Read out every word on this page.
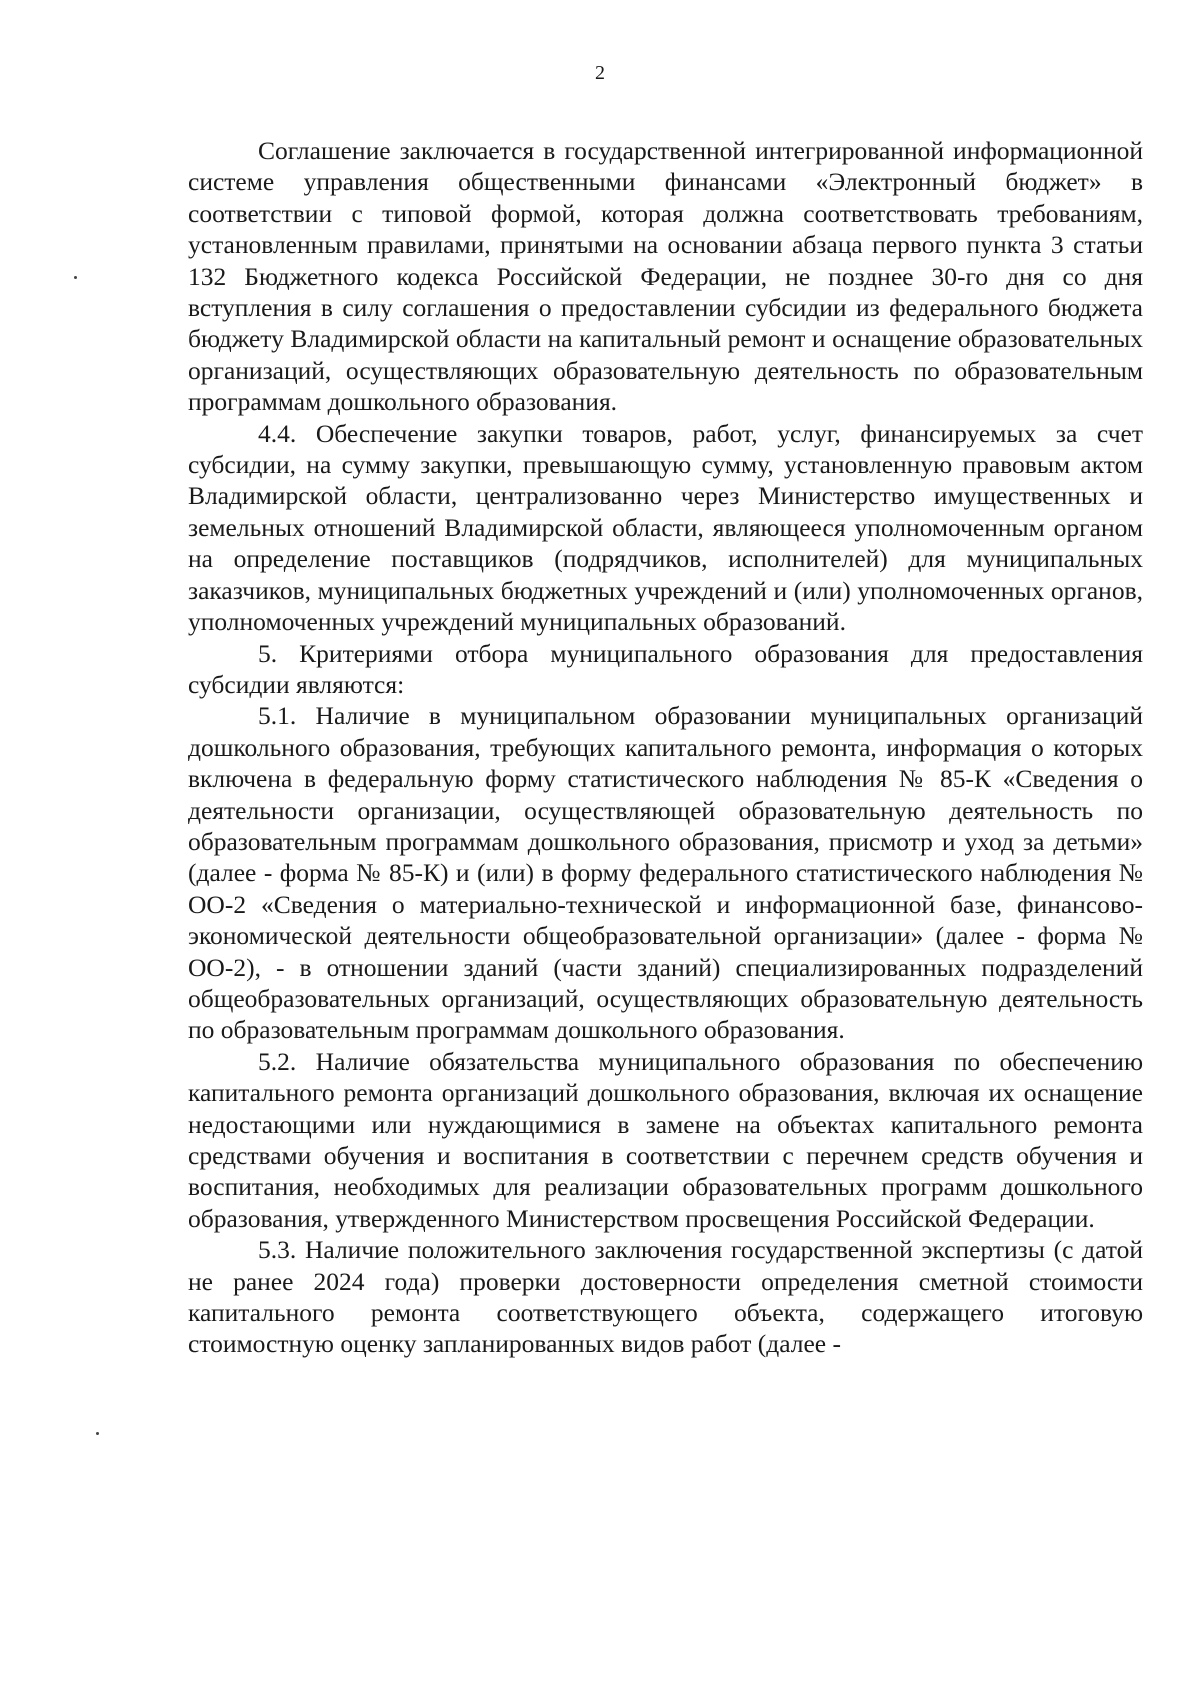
2

Соглашение заключается в государственной интегрированной информационной системе управления общественными финансами «Электронный бюджет» в соответствии с типовой формой, которая должна соответствовать требованиям, установленным правилами, принятыми на основании абзаца первого пункта 3 статьи 132 Бюджетного кодекса Российской Федерации, не позднее 30-го дня со дня вступления в силу соглашения о предоставлении субсидии из федерального бюджета бюджету Владимирской области на капитальный ремонт и оснащение образовательных организаций, осуществляющих образовательную деятельность по образовательным программам дошкольного образования.

4.4. Обеспечение закупки товаров, работ, услуг, финансируемых за счет субсидии, на сумму закупки, превышающую сумму, установленную правовым актом Владимирской области, централизованно через Министерство имущественных и земельных отношений Владимирской области, являющееся уполномоченным органом на определение поставщиков (подрядчиков, исполнителей) для муниципальных заказчиков, муниципальных бюджетных учреждений и (или) уполномоченных органов, уполномоченных учреждений муниципальных образований.

5. Критериями отбора муниципального образования для предоставления субсидии являются:

5.1. Наличие в муниципальном образовании муниципальных организаций дошкольного образования, требующих капитального ремонта, информация о которых включена в федеральную форму статистического наблюдения № 85-К «Сведения о деятельности организации, осуществляющей образовательную деятельность по образовательным программам дошкольного образования, присмотр и уход за детьми» (далее - форма № 85-К) и (или) в форму федерального статистического наблюдения № ОО-2 «Сведения о материально-технической и информационной базе, финансово-экономической деятельности общеобразовательной организации» (далее - форма № ОО-2), - в отношении зданий (части зданий) специализированных подразделений общеобразовательных организаций, осуществляющих образовательную деятельность по образовательным программам дошкольного образования.

5.2. Наличие обязательства муниципального образования по обеспечению капитального ремонта организаций дошкольного образования, включая их оснащение недостающими или нуждающимися в замене на объектах капитального ремонта средствами обучения и воспитания в соответствии с перечнем средств обучения и воспитания, необходимых для реализации образовательных программ дошкольного образования, утвержденного Министерством просвещения Российской Федерации.

5.3. Наличие положительного заключения государственной экспертизы (с датой не ранее 2024 года) проверки достоверности определения сметной стоимости капитального ремонта соответствующего объекта, содержащего итоговую стоимостную оценку запланированных видов работ (далее -
